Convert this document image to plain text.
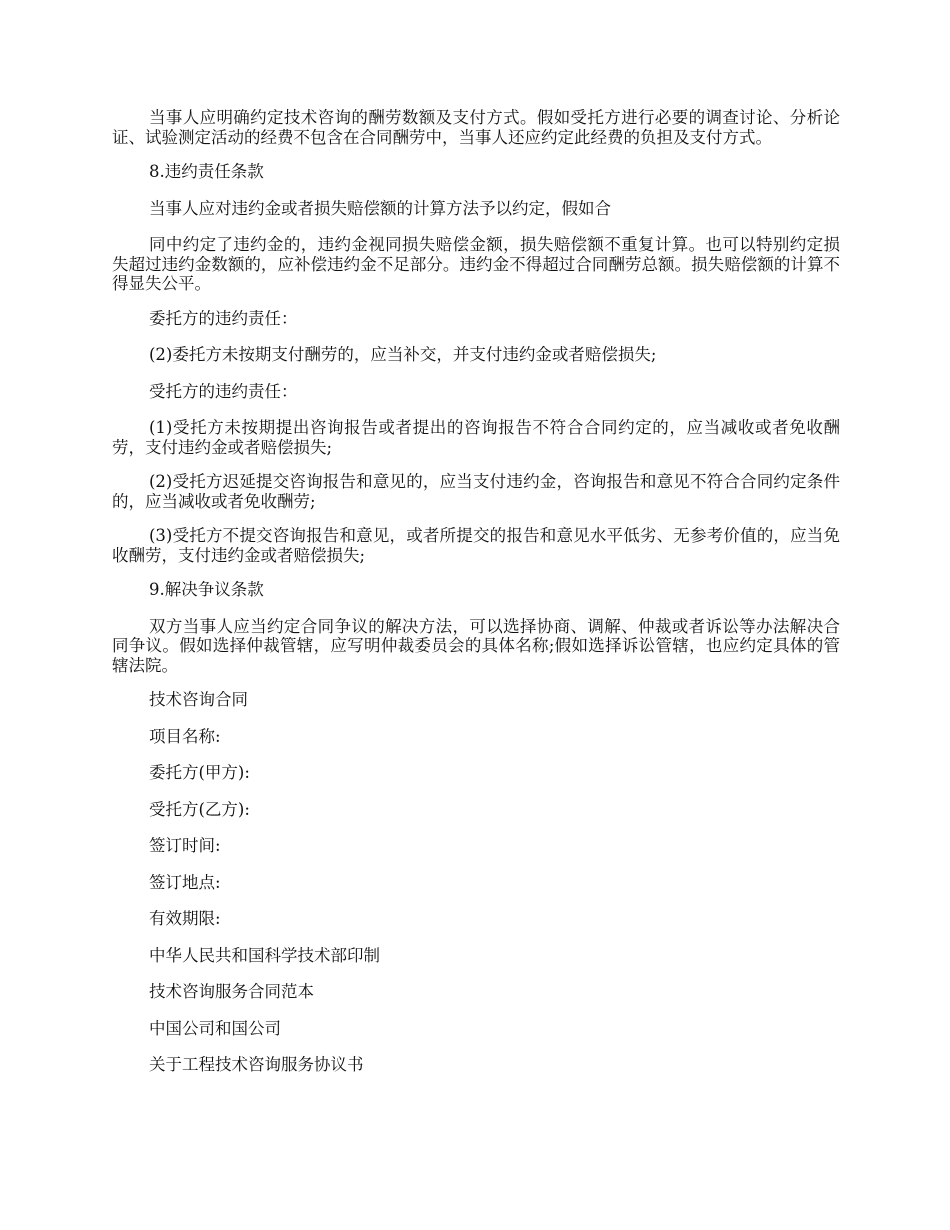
当事人应明确约定技术咨询的酬劳数额及支付方式。假如受托方进行必要的调查讨论、分析论证、试验测定活动的经费不包含在合同酬劳中，当事人还应约定此经费的负担及支付方式。

8.违约责任条款

当事人应对违约金或者损失赔偿额的计算方法予以约定，假如合

同中约定了违约金的，违约金视同损失赔偿金额，损失赔偿额不重复计算。也可以特别约定损失超过违约金数额的，应补偿违约金不足部分。违约金不得超过合同酬劳总额。损失赔偿额的计算不得显失公平。

委托方的违约责任：

(2)委托方未按期支付酬劳的，应当补交，并支付违约金或者赔偿损失;

受托方的违约责任：

(1)受托方未按期提出咨询报告或者提出的咨询报告不符合合同约定的，应当减收或者免收酬劳，支付违约金或者赔偿损失;

(2)受托方迟延提交咨询报告和意见的，应当支付违约金，咨询报告和意见不符合合同约定条件的，应当减收或者免收酬劳;

(3)受托方不提交咨询报告和意见，或者所提交的报告和意见水平低劣、无参考价值的，应当免收酬劳，支付违约金或者赔偿损失;

9.解决争议条款

双方当事人应当约定合同争议的解决方法，可以选择协商、调解、仲裁或者诉讼等办法解决合同争议。假如选择仲裁管辖，应写明仲裁委员会的具体名称;假如选择诉讼管辖，也应约定具体的管辖法院。

技术咨询合同

项目名称:

委托方(甲方):

受托方(乙方):

签订时间:

签订地点:

有效期限:

中华人民共和国科学技术部印制

技术咨询服务合同范本

中国公司和国公司

关于工程技术咨询服务协议书
